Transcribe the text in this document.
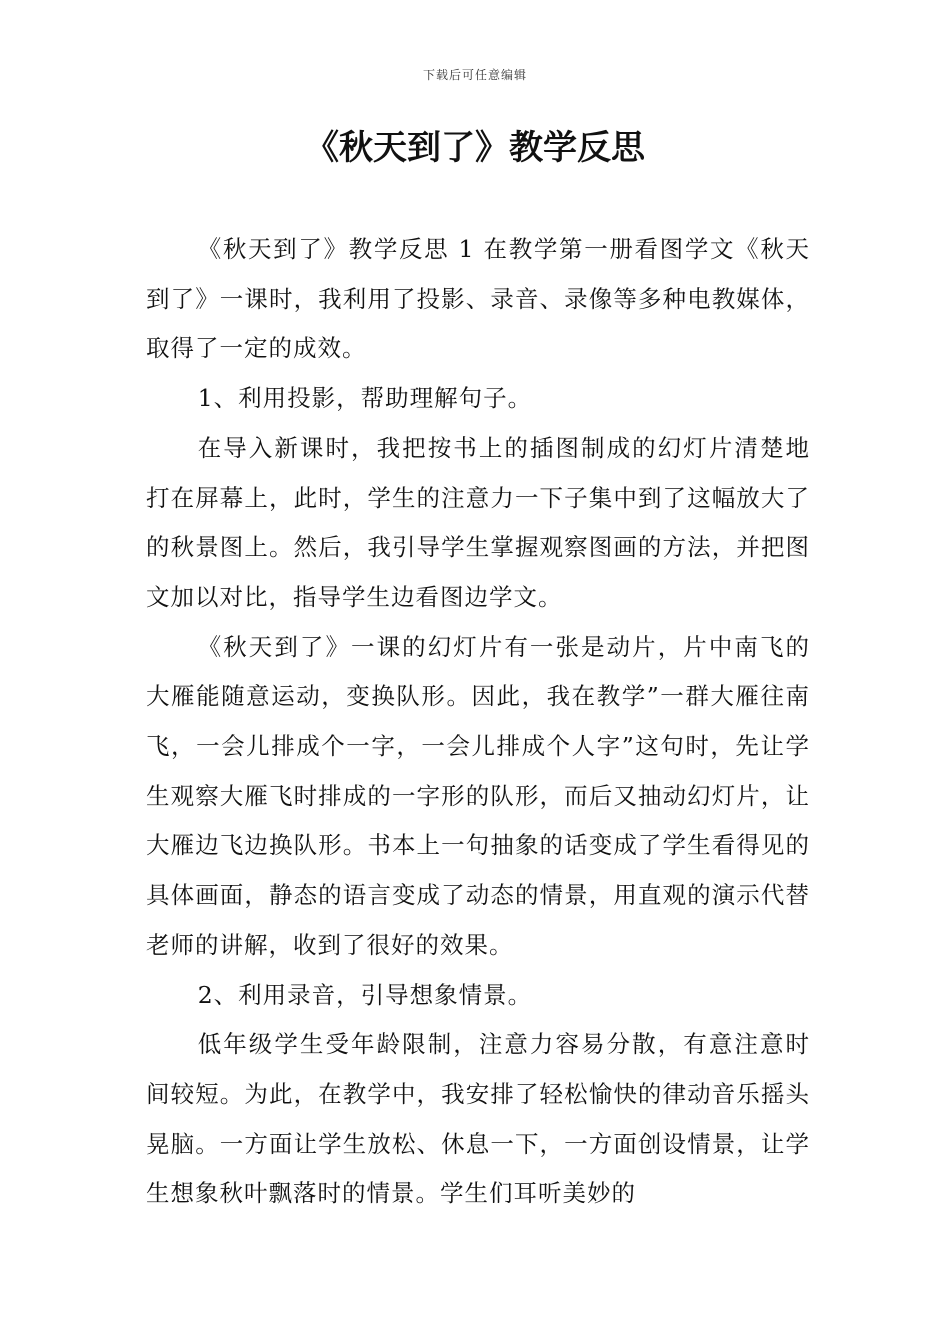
下载后可任意编辑
《秋天到了》教学反思

《秋天到了》教学反思 1 在教学第一册看图学文《秋天到了》一课时，我利用了投影、录音、录像等多种电教媒体，取得了一定的成效。

1、利用投影，帮助理解句子。

在导入新课时，我把按书上的插图制成的幻灯片清楚地打在屏幕上，此时，学生的注意力一下子集中到了这幅放大了的秋景图上。然后，我引导学生掌握观察图画的方法，并把图文加以对比，指导学生边看图边学文。

《秋天到了》一课的幻灯片有一张是动片，片中南飞的大雁能随意运动，变换队形。因此，我在教学”一群大雁往南飞，一会儿排成个一字，一会儿排成个人字”这句时，先让学生观察大雁飞时排成的一字形的队形，而后又抽动幻灯片，让大雁边飞边换队形。书本上一句抽象的话变成了学生看得见的具体画面，静态的语言变成了动态的情景，用直观的演示代替老师的讲解，收到了很好的效果。

2、利用录音，引导想象情景。

低年级学生受年龄限制，注意力容易分散，有意注意时间较短。为此，在教学中，我安排了轻松愉快的律动音乐摇头晃脑。一方面让学生放松、休息一下，一方面创设情景，让学生想象秋叶飘落时的情景。学生们耳听美妙的
